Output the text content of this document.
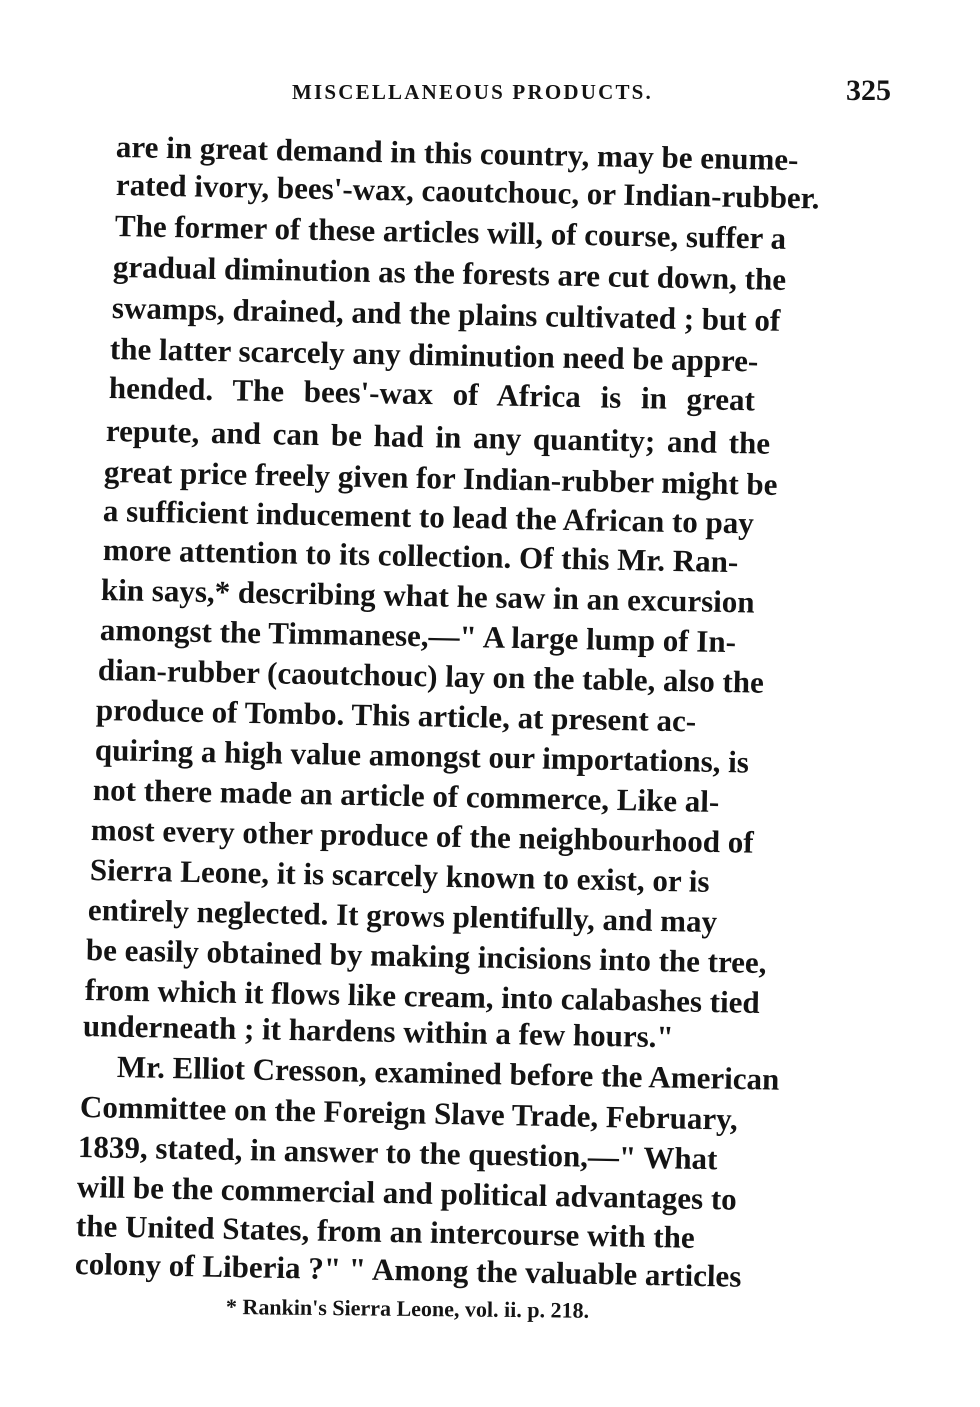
MISCELLANEOUS PRODUCTS.	325
are in great demand in this country, may be enume-
rated ivory, bees'-wax, caoutchouc, or Indian-rubber.
The former of these articles will, of course, suffer a
gradual diminution as the forests are cut down, the
swamps, drained, and the plains cultivated ; but of
the latter scarcely any diminution need be appre-
hended. The bees'-wax of Africa is in great
repute, and can be had in any quantity; and the
great price freely given for Indian-rubber might be
a sufficient inducement to lead the African to pay
more attention to its collection. Of this Mr. Ran-
kin says,* describing what he saw in an excursion
amongst the Timmanese,—" A large lump of In-
dian-rubber (caoutchouc) lay on the table, also the
produce of Tombo. This article, at present ac-
quiring a high value amongst our importations, is
not there made an article of commerce, Like al-
most every other produce of the neighbourhood of
Sierra Leone, it is scarcely known to exist, or is
entirely neglected. It grows plentifully, and may
be easily obtained by making incisions into the tree,
from which it flows like cream, into calabashes tied
underneath ; it hardens within a few hours."
Mr. Elliot Cresson, examined before the American
Committee on the Foreign Slave Trade, February,
1839, stated, in answer to the question,—" What
will be the commercial and political advantages to
the United States, from an intercourse with the
colony of Liberia ?" " Among the valuable articles
* Rankin's Sierra Leone, vol. ii. p. 218.
